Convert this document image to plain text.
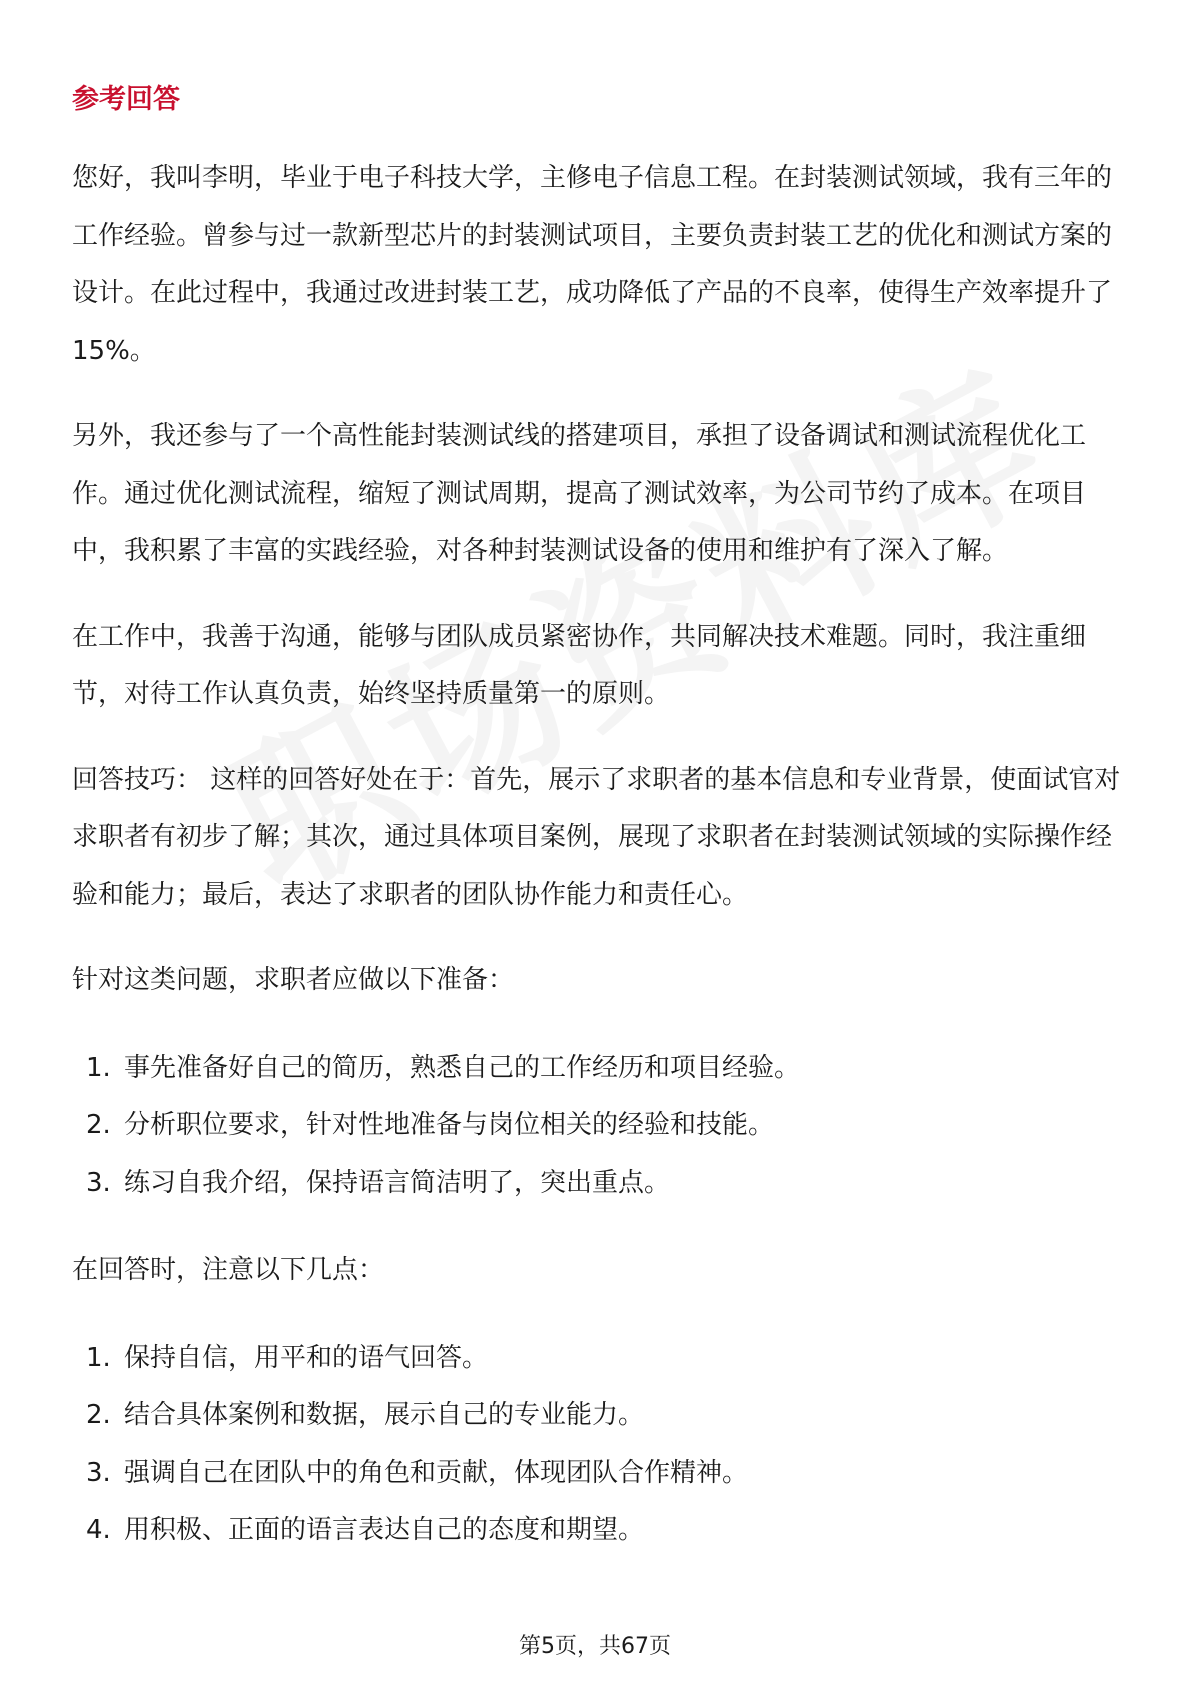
参考回答

您好，我叫李明，毕业于电子科技大学，主修电子信息工程。在封装测试领域，我有三年的工作经验。曾参与过一款新型芯片的封装测试项目，主要负责封装工艺的优化和测试方案的设计。在此过程中，我通过改进封装工艺，成功降低了产品的不良率，使得生产效率提升了15%。

另外，我还参与了一个高性能封装测试线的搭建项目，承担了设备调试和测试流程优化工作。通过优化测试流程，缩短了测试周期，提高了测试效率，为公司节约了成本。在项目中，我积累了丰富的实践经验，对各种封装测试设备的使用和维护有了深入了解。

在工作中，我善于沟通，能够与团队成员紧密协作，共同解决技术难题。同时，我注重细节，对待工作认真负责，始终坚持质量第一的原则。

回答技巧： 这样的回答好处在于：首先，展示了求职者的基本信息和专业背景，使面试官对求职者有初步了解；其次，通过具体项目案例，展现了求职者在封装测试领域的实际操作经验和能力；最后，表达了求职者的团队协作能力和责任心。

针对这类问题，求职者应做以下准备：

1. 事先准备好自己的简历，熟悉自己的工作经历和项目经验。
2. 分析职位要求，针对性地准备与岗位相关的经验和技能。
3. 练习自我介绍，保持语言简洁明了，突出重点。

在回答时，注意以下几点：

1. 保持自信，用平和的语气回答。
2. 结合具体案例和数据，展示自己的专业能力。
3. 强调自己在团队中的角色和贡献，体现团队合作精神。
4. 用积极、正面的语言表达自己的态度和期望。
第5页，共67页
